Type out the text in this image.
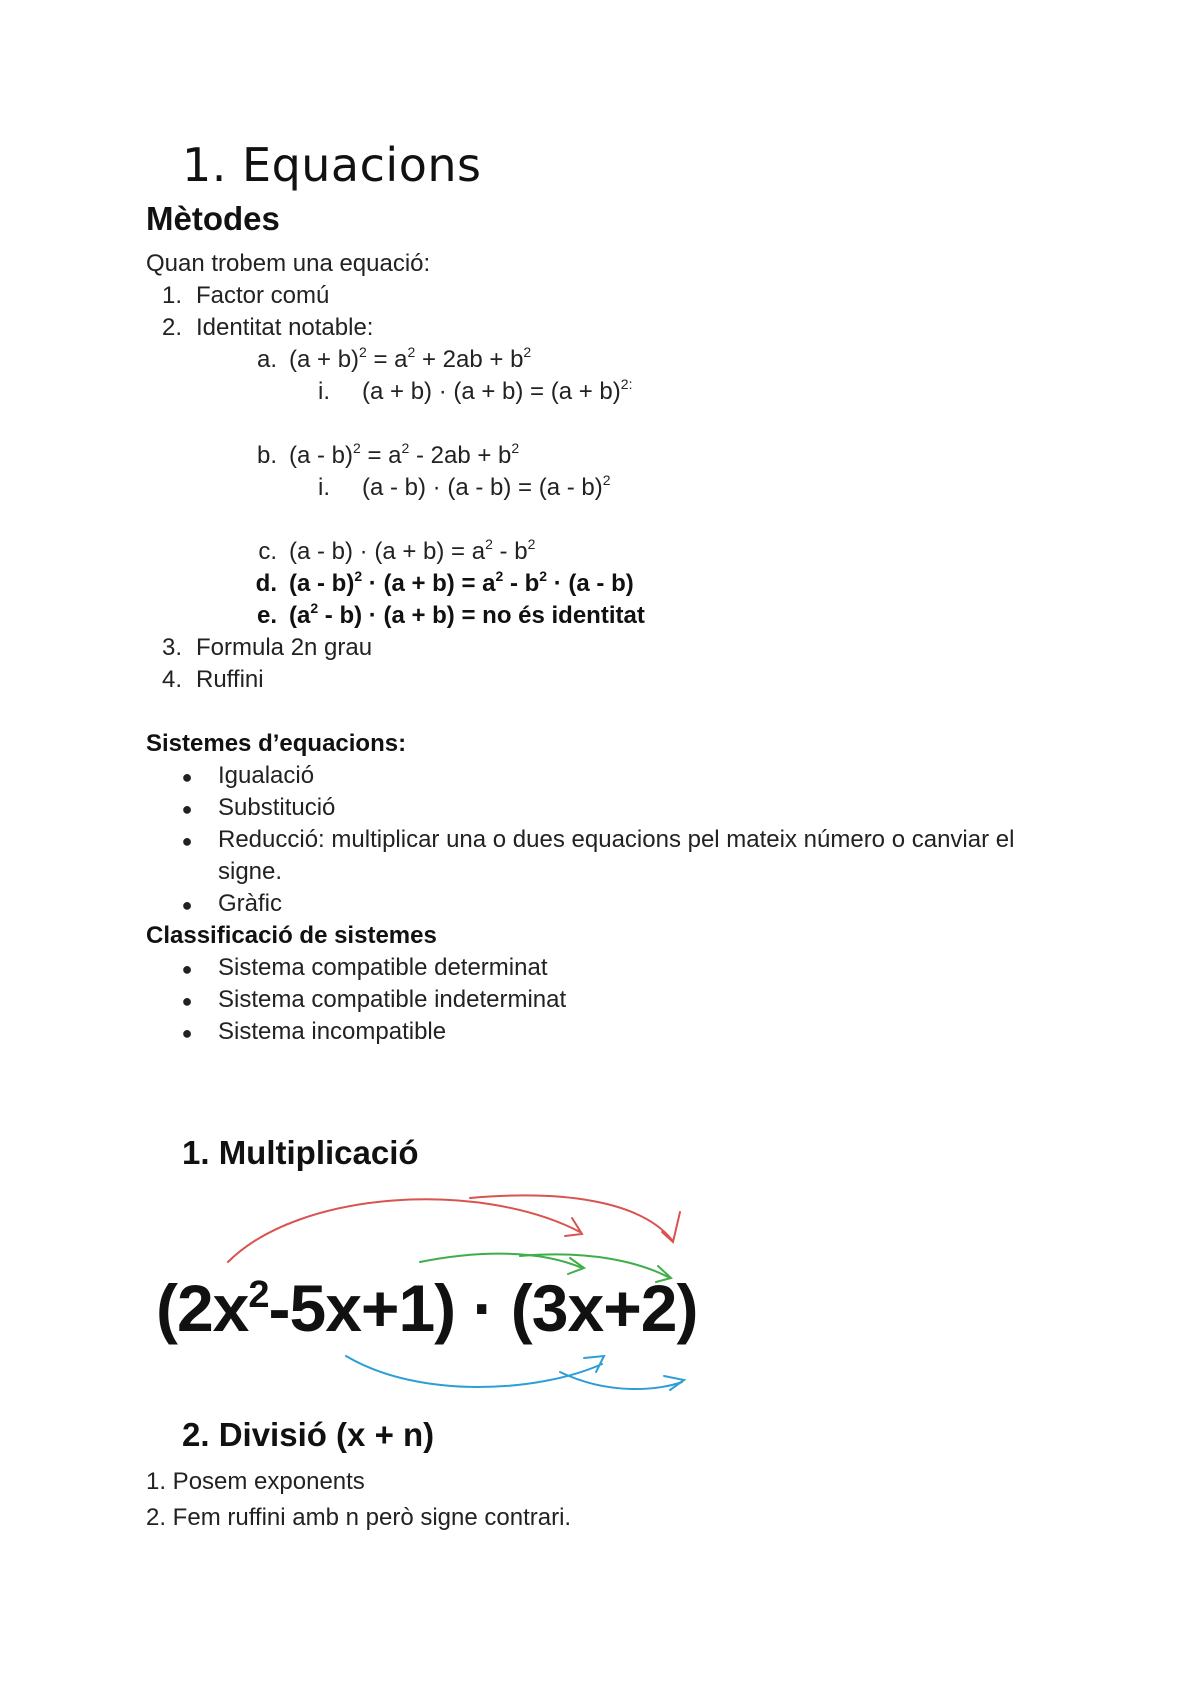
1. Equacions
Mètodes
Quan trobem una equació:
1. Factor comú
2. Identitat notable:
a. $(a + b)^2 = a^2 + 2ab + b^2$
i. $(a + b) \cdot (a + b) = (a + b)^{2:}$
b. $(a - b)^2 = a^2 - 2ab + b^2$
i. (a - b) · (a - b) = (a - b)$^2$
c. $(a - b) \cdot (a + b) = a^2 - b^2$
d. $(a - b)^2 \cdot (a + b) = a^2 - b^2 \cdot (a - b)$
e. $(a^2 - b) \cdot (a + b)$ = no és identitat
3. Formula 2n grau
4. Ruffini
Sistemes d’equacions:
● Igualació
● Substitució
● Reducció: multiplicar una o dues equacions pel mateix número o canviar el
signe.
● Gràfic
Classificació de sistemes
● Sistema compatible determinat
● Sistema compatible indeterminat
● Sistema incompatible
1. Multiplicació
$(2x^2-5x+1) \cdot (3x+2)$
2. Divisió (x + n)
1. Posem exponents
2. Fem ruffini amb n però signe contrari.
